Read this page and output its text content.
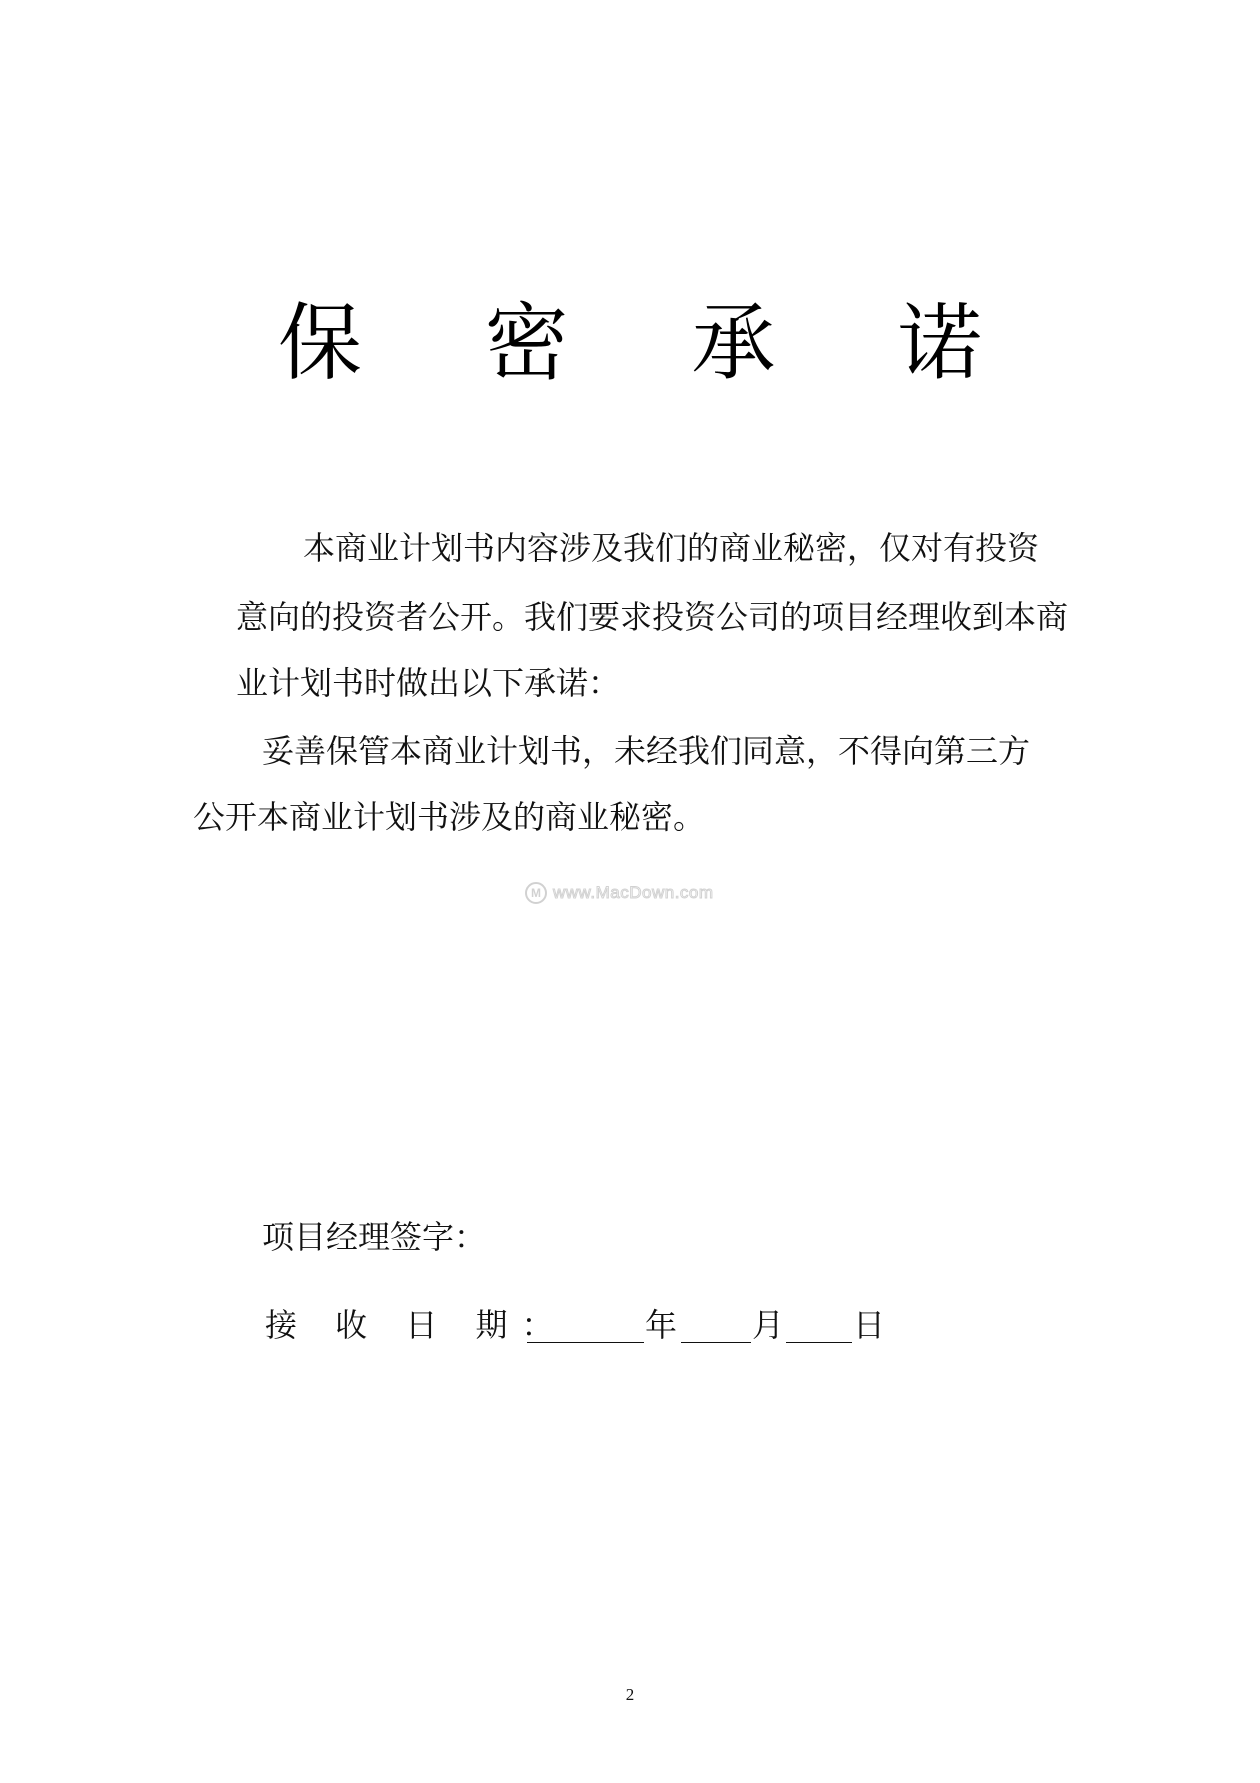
保 密 承 诺
本商业计划书内容涉及我们的商业秘密，仅对有投资
意向的投资者公开。我们要求投资公司的项目经理收到本商
业计划书时做出以下承诺：
妥善保管本商业计划书，未经我们同意，不得向第三方
公开本商业计划书涉及的商业秘密。
M www.MacDown.com
项目经理签字：
接 收 日 期： 年 月 日
2
